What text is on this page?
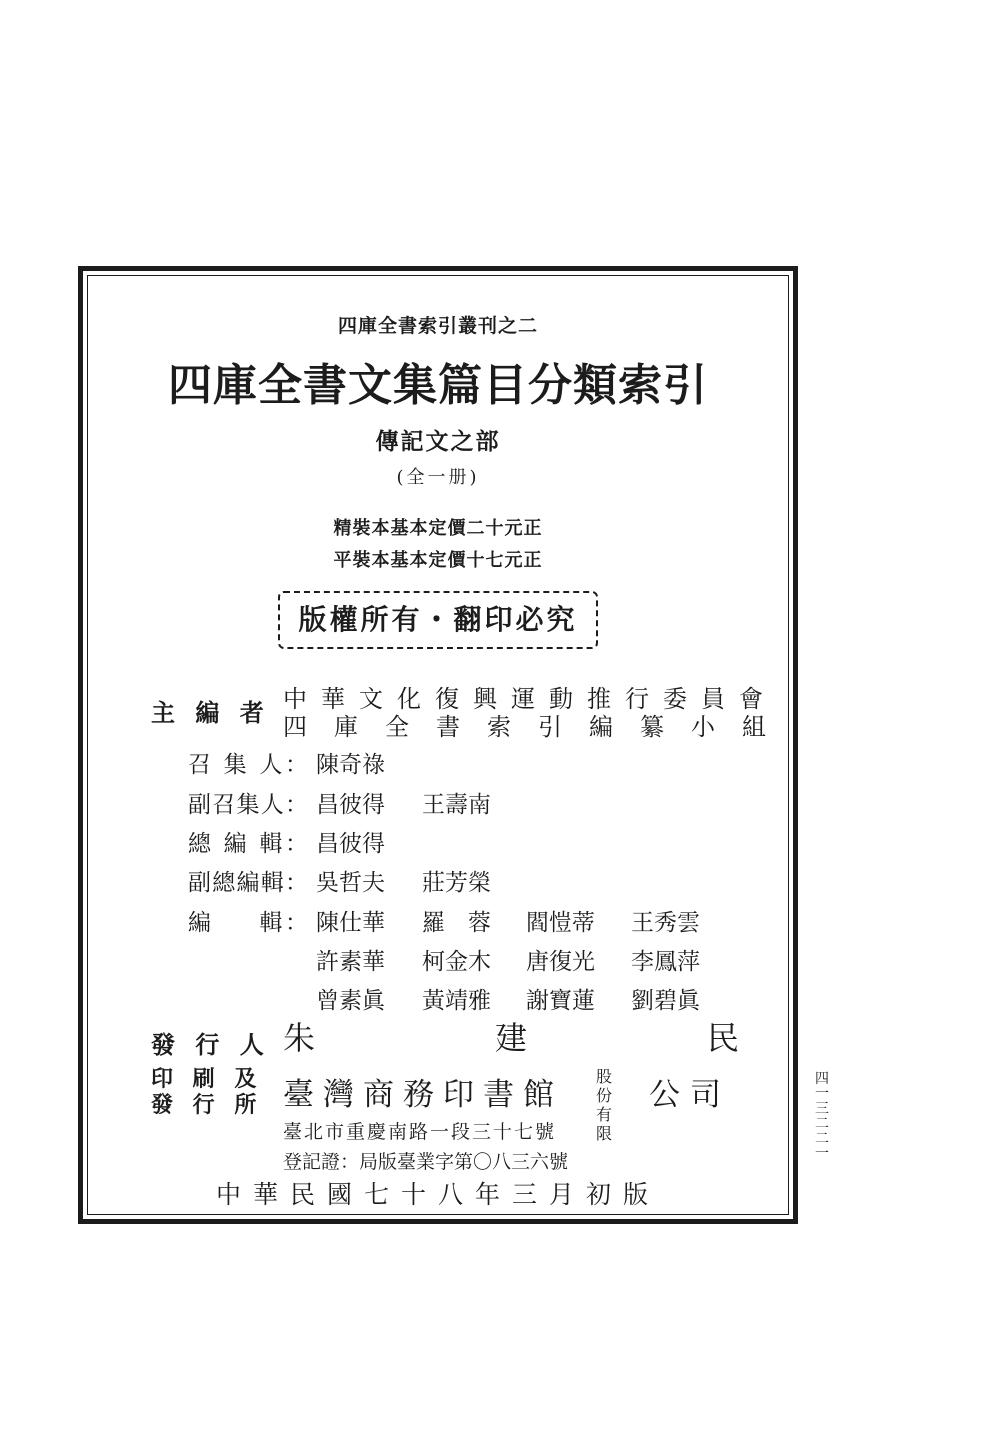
四庫全書索引叢刊之二
四庫全書文集篇目分類索引
傳記文之部
(全一册)
精裝本基本定價二十元正
平裝本基本定價十七元正
版權所有・翻印必究
主 編 者 中華文化復興運動推行委員會
四庫全書索引編纂小組
召 集 人： 陳奇祿
副召集人： 昌彼得 王壽南
總 編 輯： 昌彼得
副總編輯： 吳哲夫 莊芳榮
編 　 輯： 陳仕華 羅　蓉 閻愷蒂 王秀雲
許素華 柯金木 唐復光 李鳳萍
曾素眞 黃靖雅 謝寶蓮 劉碧眞
發 行 人 朱建民
印 刷 及
發 行 所 臺灣商務印書館
股份有限
公司
臺北市重慶南路一段三十七號
登記證：局版臺業字第〇八三六號
中華民國七十八年三月初版
四一三二二一
